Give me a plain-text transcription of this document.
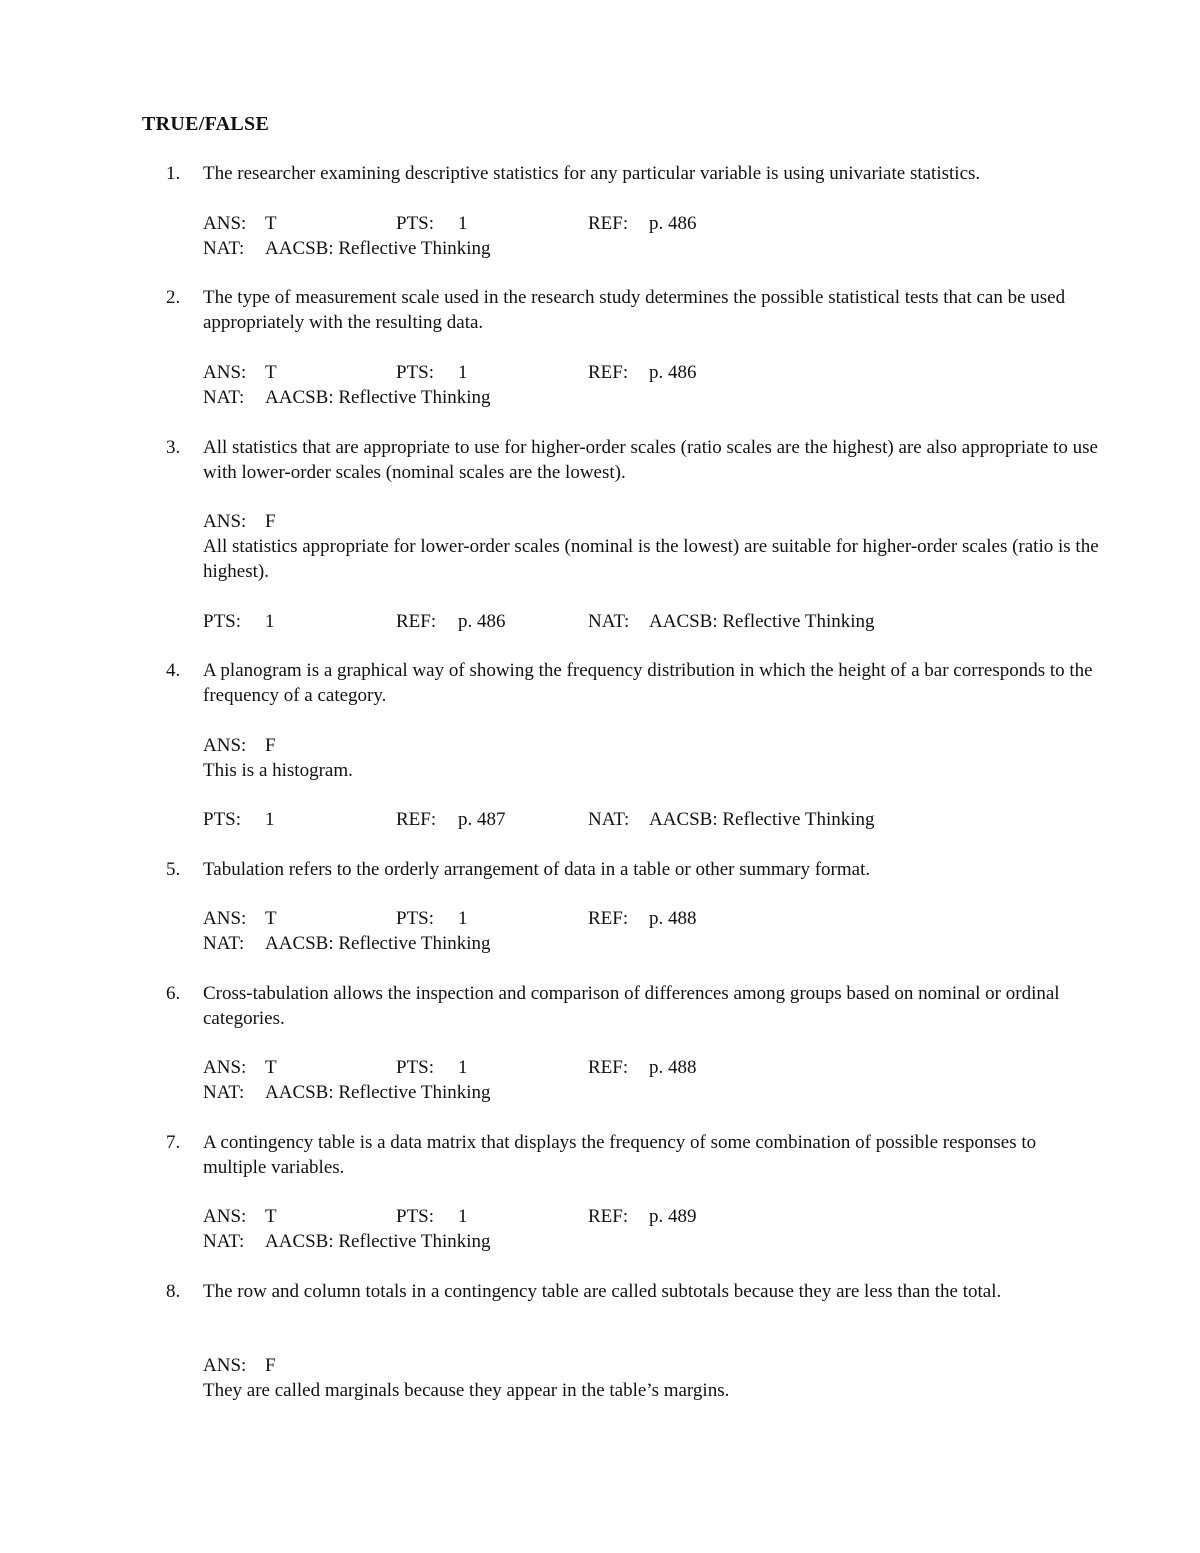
TRUE/FALSE
1. The researcher examining descriptive statistics for any particular variable is using univariate statistics.
ANS: T	PTS: 1	REF: p. 486
NAT: AACSB: Reflective Thinking
2. The type of measurement scale used in the research study determines the possible statistical tests that can be used appropriately with the resulting data.
ANS: T	PTS: 1	REF: p. 486
NAT: AACSB: Reflective Thinking
3. All statistics that are appropriate to use for higher-order scales (ratio scales are the highest) are also appropriate to use with lower-order scales (nominal scales are the lowest).
ANS: F
All statistics appropriate for lower-order scales (nominal is the lowest) are suitable for higher-order scales (ratio is the highest).
PTS: 1	REF: p. 486	NAT: AACSB: Reflective Thinking
4. A planogram is a graphical way of showing the frequency distribution in which the height of a bar corresponds to the frequency of a category.
ANS: F
This is a histogram.
PTS: 1	REF: p. 487	NAT: AACSB: Reflective Thinking
5. Tabulation refers to the orderly arrangement of data in a table or other summary format.
ANS: T	PTS: 1	REF: p. 488
NAT: AACSB: Reflective Thinking
6. Cross-tabulation allows the inspection and comparison of differences among groups based on nominal or ordinal categories.
ANS: T	PTS: 1	REF: p. 488
NAT: AACSB: Reflective Thinking
7. A contingency table is a data matrix that displays the frequency of some combination of possible responses to multiple variables.
ANS: T	PTS: 1	REF: p. 489
NAT: AACSB: Reflective Thinking
8. The row and column totals in a contingency table are called subtotals because they are less than the total.
ANS: F
They are called marginals because they appear in the table’s margins.
